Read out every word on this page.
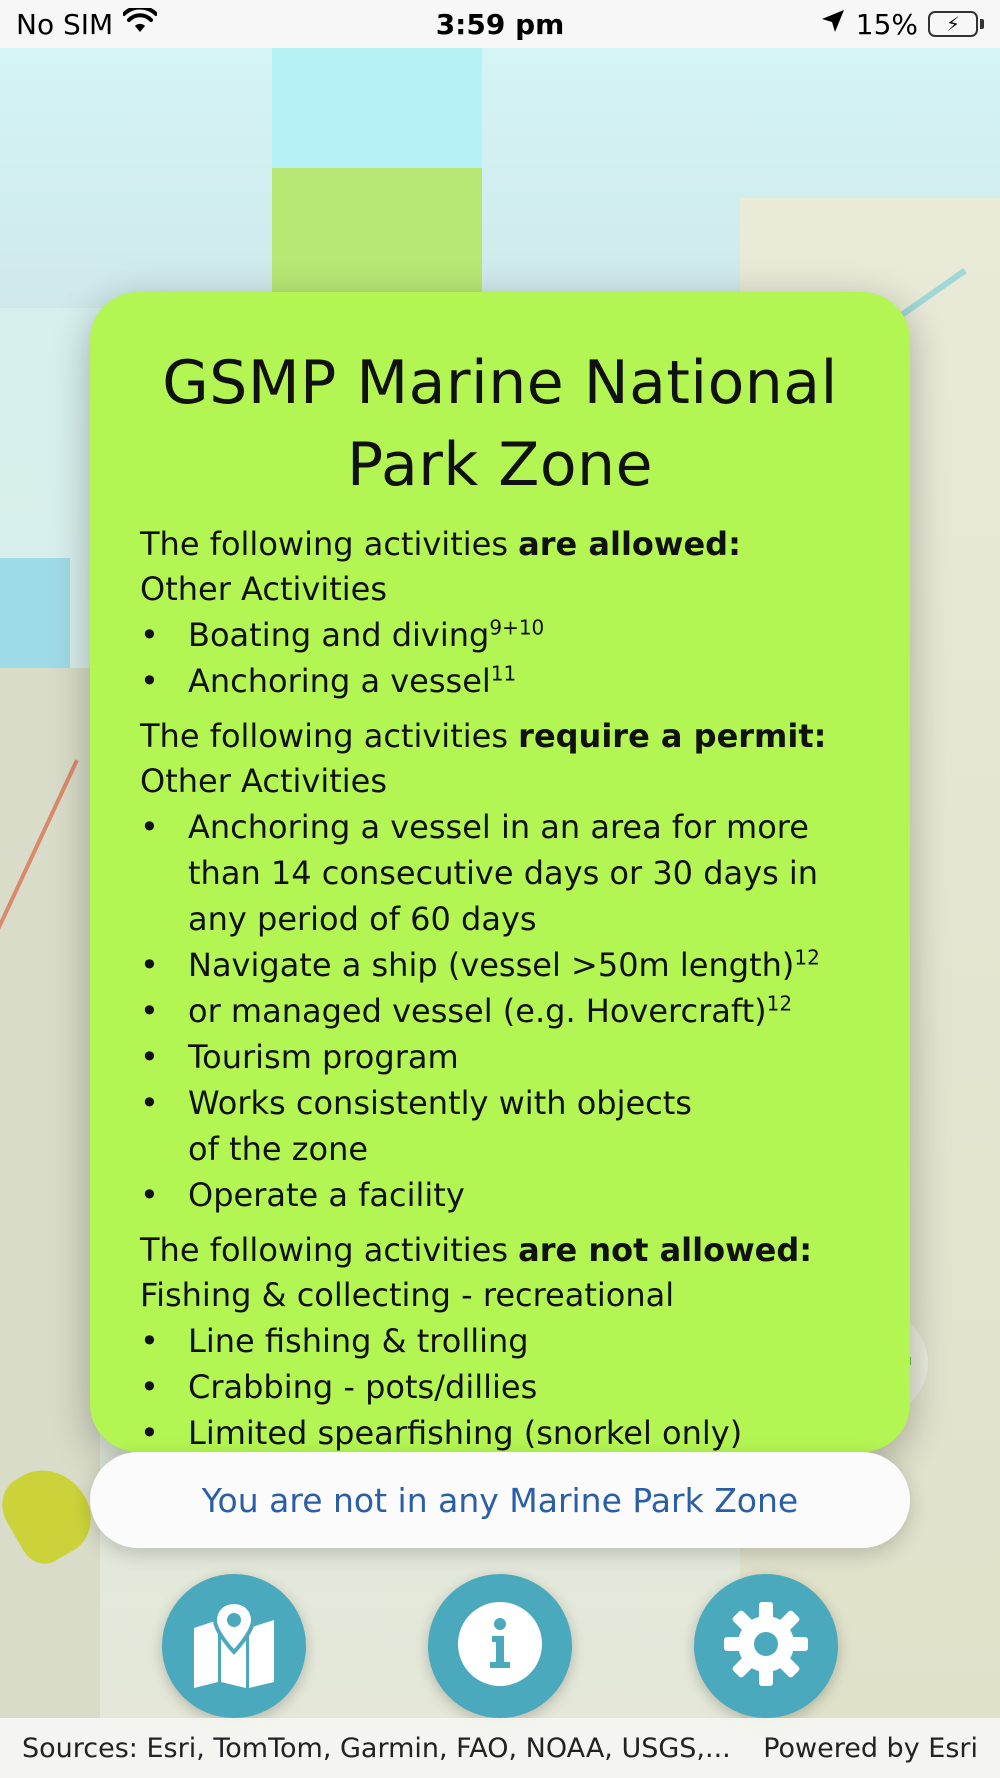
No SIM	3:59 pm	15% ⚡
GSMP Marine National Park Zone
The following activities are allowed:
Other Activities
• Boating and diving$^{9+10}$
• Anchoring a vessel$^{11}$
The following activities require a permit:
Other Activities
• Anchoring a vessel in an area for more than 14 consecutive days or 30 days in any period of 60 days
• Navigate a ship (vessel >50m length)$^{12}$
• or managed vessel (e.g. Hovercraft)$^{12}$
• Tourism program
• Works consistently with objects of the zone
• Operate a facility
The following activities are not allowed:
Fishing & collecting - recreational
• Line fishing & trolling
• Crabbing - pots/dillies
• Limited spearfishing (snorkel only)
You are not in any Marine Park Zone
Sources: Esri, TomTom, Garmin, FAO, NOAA, USGS,... Powered by Esri
